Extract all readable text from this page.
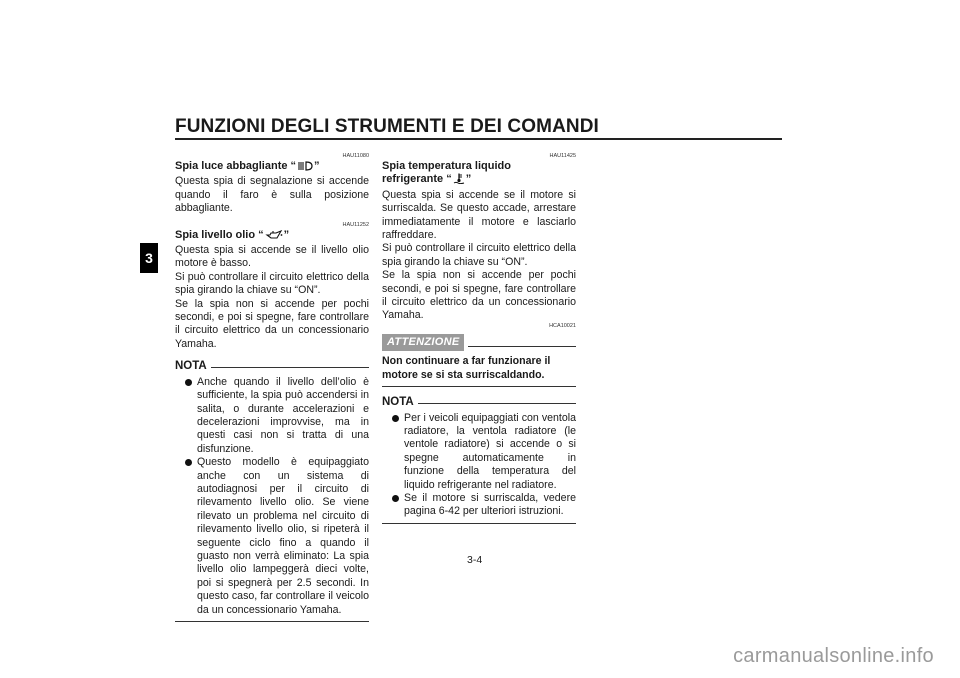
FUNZIONI DEGLI STRUMENTI E DEI COMANDI
3
HAU11080
Spia luce abbagliante “ ”

Questa spia di segnalazione si accende quando il faro è sulla posizione abbagliante.

HAU11252
Spia livello olio “ ”

Questa spia si accende se il livello olio motore è basso.

Si può controllare il circuito elettrico della spia girando la chiave su “ON”.

Se la spia non si accende per pochi secondi, e poi si spegne, fare controllare il circuito elettrico da un concessionario Yamaha.

NOTA
Anche quando il livello dell’olio è sufficiente, la spia può accendersi in salita, o durante accelerazioni e decelerazioni improvvise, ma in questi casi non si tratta di una disfunzione.
Questo modello è equipaggiato anche con un sistema di autodiagnosi per il circuito di rilevamento livello olio. Se viene rilevato un problema nel circuito di rilevamento livello olio, si ripeterà il seguente ciclo fino a quando il guasto non verrà eliminato: La spia livello olio lampeggerà dieci volte, poi si spegnerà per 2.5 secondi. In questo caso, far controllare il veicolo da un concessionario Yamaha.
HAU11425
Spia temperatura liquido
refrigerante “ ”

Questa spia si accende se il motore si surriscalda. Se questo accade, arrestare immediatamente il motore e lasciarlo raffreddare.

Si può controllare il circuito elettrico della spia girando la chiave su “ON”.

Se la spia non si accende per pochi secondi, e poi si spegne, fare controllare il circuito elettrico da un concessionario Yamaha.

HCA10021
ATTENZIONE
Non continuare a far funzionare il motore se si sta surriscaldando.
NOTA
Per i veicoli equipaggiati con ventola radiatore, la ventola radiatore (le ventole radiatore) si accende o si spegne automaticamente in funzione della temperatura del liquido refrigerante nel radiatore.
Se il motore si surriscalda, vedere pagina 6-42 per ulteriori istruzioni.
3-4
carmanualsonline.info
